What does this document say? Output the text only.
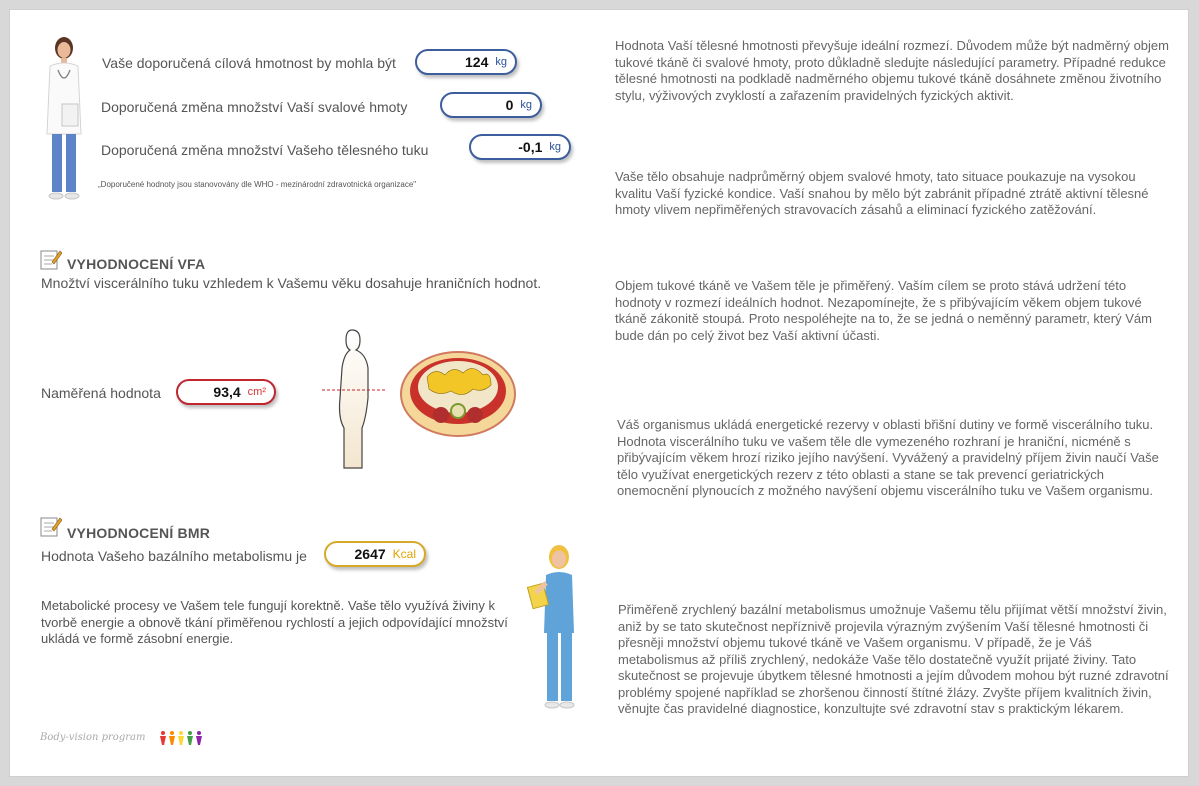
Vaše doporučená cílová hmotnost by mohla být	124 kg
Doporučená změna množství Vaší svalové hmoty	0 kg
Doporučená změna množství Vašeho tělesného tuku	-0,1 kg
„Doporučené hodnoty jsou stanovovány dle WHO - mezinárodní zdravotnická organizace"
VYHODNOCENÍ VFA
Množtví viscerálního tuku vzhledem k Vašemu věku dosahuje hraničních hodnot.
Naměřená hodnota	93,4 cm²
VYHODNOCENÍ BMR
Hodnota Vašeho bazálního metabolismu je	2647 Kcal
Metabolické procesy ve Vašem tele fungují korektně. Vaše tělo využívá živiny k tvorbě energie a obnově tkání přiměřenou rychlostí a jejich odpovídající množství ukládá ve formě zásobní energie.
Hodnota Vaší tělesné hmotnosti převyšuje ideální rozmezí. Důvodem může být nadměrný objem tukové tkáně či svalové hmoty, proto důkladně sledujte následující parametry. Případné redukce tělesné hmotnosti na podkladě nadměrného objemu tukové tkáně dosáhnete změnou životního stylu, výživových zvyklostí a zařazením pravidelných fyzických aktivit.
Vaše tělo obsahuje nadprůměrný objem svalové hmoty, tato situace poukazuje na vysokou kvalitu Vaší fyzické kondice. Vaší snahou by mělo být zabránit případné ztrátě aktivní tělesné hmoty vlivem nepřiměřených stravovacích zásahů a eliminací fyzického zatěžování.
Objem tukové tkáně ve Vašem těle je přiměřený. Vaším cílem se proto stává udržení této hodnoty v rozmezí ideálních hodnot. Nezapomínejte, že s přibývajícím věkem objem tukové tkáně zákonitě stoupá. Proto nespoléhejte na to, že se jedná o neměnný parametr, který Vám bude dán po celý život bez Vaší aktivní účasti.
Váš organismus ukládá energetické rezervy v oblasti břišní dutiny ve formě viscerálního tuku. Hodnota viscerálního tuku ve vašem těle dle vymezeného rozhraní je hraniční, nicméně s přibývajícím věkem hrozí riziko jejího navýšení. Vyvážený a pravidelný příjem živin naučí Vaše tělo využívat energetických rezerv z této oblasti a stane se tak prevencí geriatrických onemocnění plynoucích z možného navýšení objemu viscerálního tuku ve Vašem organismu.
Přiměřeně zrychlený bazální metabolismus umožnuje Vašemu tělu přijímat větší množství živin, aniž by se tato skutečnost nepříznivě projevila výrazným zvýšením Vaší tělesné hmotnosti či přesněji množství objemu tukové tkáně ve Vašem organismu. V případě, že je Váš metabolismus až příliš zrychlený, nedokáže Vaše tělo dostatečně využít prijaté živiny. Tato skutečnost se projevuje úbytkem tělesné hmotnosti a jejím důvodem mohou být ruzné zdravotní problémy spojené například se zhoršenou činností štítné žlázy. Zvyšte příjem kvalitních živin, věnujte čas pravidelné diagnostice, konzultujte své zdravotní stav s praktickým lékarem.
Body-vision program
